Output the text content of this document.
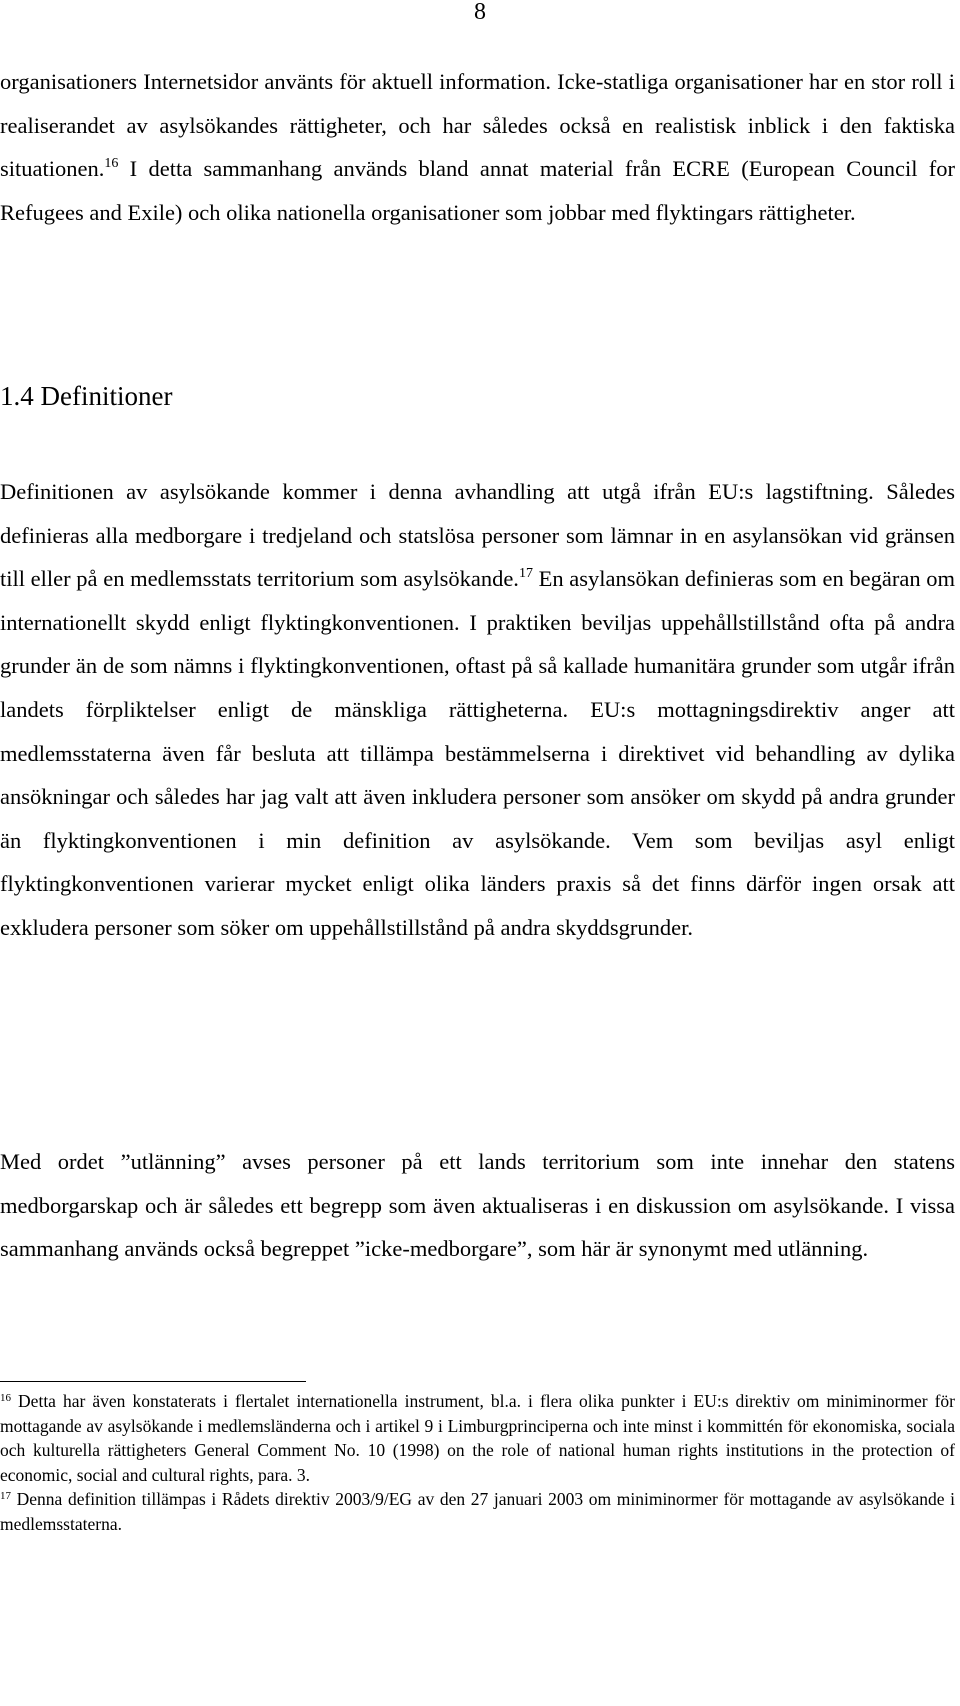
8

organisationers Internetsidor använts för aktuell information. Icke-statliga organisationer har en stor roll i realiserandet av asylsökandes rättigheter, och har således också en realistisk inblick i den faktiska situationen.$^{16}$ I detta sammanhang används bland annat material från ECRE (European Council for Refugees and Exile) och olika nationella organisationer som jobbar med flyktingars rättigheter.

1.4 Definitioner

Definitionen av asylsökande kommer i denna avhandling att utgå ifrån EU:s lagstiftning. Således definieras alla medborgare i tredjeland och statslösa personer som lämnar in en asylansökan vid gränsen till eller på en medlemsstats territorium som asylsökande.$^{17}$ En asylansökan definieras som en begäran om internationellt skydd enligt flyktingkonventionen. I praktiken beviljas uppehållstillstånd ofta på andra grunder än de som nämns i flyktingkonventionen, oftast på så kallade humanitära grunder som utgår ifrån landets förpliktelser enligt de mänskliga rättigheterna. EU:s mottagningsdirektiv anger att medlemsstaterna även får besluta att tillämpa bestämmelserna i direktivet vid behandling av dylika ansökningar och således har jag valt att även inkludera personer som ansöker om skydd på andra grunder än flyktingkonventionen i min definition av asylsökande. Vem som beviljas asyl enligt flyktingkonventionen varierar mycket enligt olika länders praxis så det finns därför ingen orsak att exkludera personer som söker om uppehållstillstånd på andra skyddsgrunder.

Med ordet ”utlänning” avses personer på ett lands territorium som inte innehar den statens medborgarskap och är således ett begrepp som även aktualiseras i en diskussion om asylsökande. I vissa sammanhang används också begreppet ”icke-medborgare”, som här är synonymt med utlänning.

$^{16}$ Detta har även konstaterats i flertalet internationella instrument, bl.a. i flera olika punkter i EU:s direktiv om miniminormer för mottagande av asylsökande i medlemsländerna och i artikel 9 i Limburgprinciperna och inte minst i kommittén för ekonomiska, sociala och kulturella rättigheters General Comment No. 10 (1998) on the role of national human rights institutions in the protection of economic, social and cultural rights, para. 3.

$^{17}$ Denna definition tillämpas i Rådets direktiv 2003/9/EG av den 27 januari 2003 om miniminormer för mottagande av asylsökande i medlemsstaterna.
